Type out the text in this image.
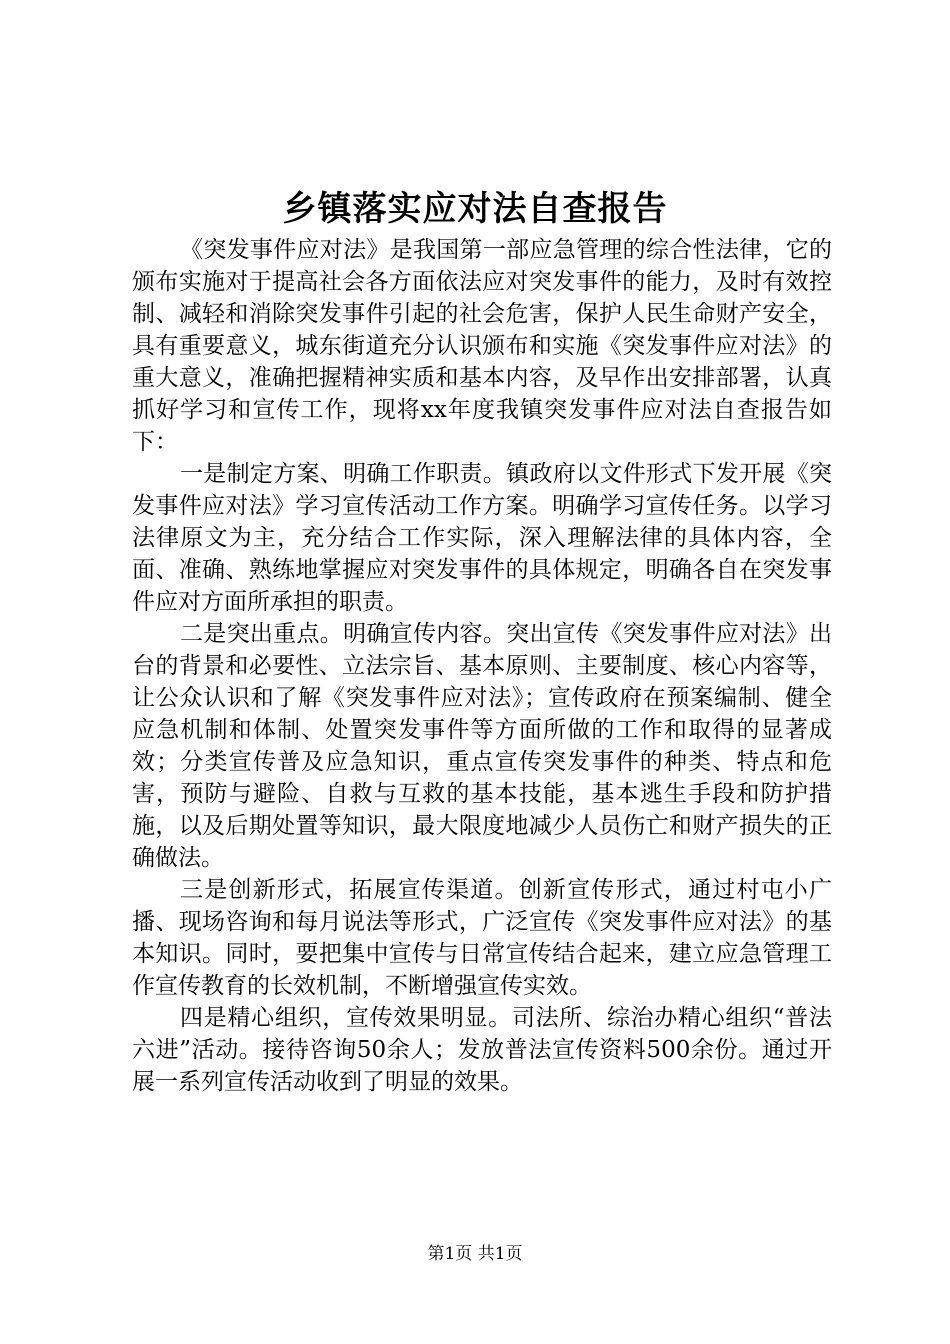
乡镇落实应对法自查报告

《突发事件应对法》是我国第一部应急管理的综合性法律，它的颁布实施对于提高社会各方面依法应对突发事件的能力，及时有效控制、减轻和消除突发事件引起的社会危害，保护人民生命财产安全，具有重要意义，城东街道充分认识颁布和实施《突发事件应对法》的重大意义，准确把握精神实质和基本内容，及早作出安排部署，认真抓好学习和宣传工作，现将xx年度我镇突发事件应对法自查报告如下：

一是制定方案、明确工作职责。镇政府以文件形式下发开展《突发事件应对法》学习宣传活动工作方案。明确学习宣传任务。以学习法律原文为主，充分结合工作实际，深入理解法律的具体内容，全面、准确、熟练地掌握应对突发事件的具体规定，明确各自在突发事件应对方面所承担的职责。

二是突出重点。明确宣传内容。突出宣传《突发事件应对法》出台的背景和必要性、立法宗旨、基本原则、主要制度、核心内容等，让公众认识和了解《突发事件应对法》；宣传政府在预案编制、健全应急机制和体制、处置突发事件等方面所做的工作和取得的显著成效；分类宣传普及应急知识，重点宣传突发事件的种类、特点和危害，预防与避险、自救与互救的基本技能，基本逃生手段和防护措施，以及后期处置等知识，最大限度地减少人员伤亡和财产损失的正确做法。

三是创新形式，拓展宣传渠道。创新宣传形式，通过村屯小广播、现场咨询和每月说法等形式，广泛宣传《突发事件应对法》的基本知识。同时，要把集中宣传与日常宣传结合起来，建立应急管理工作宣传教育的长效机制，不断增强宣传实效。

四是精心组织，宣传效果明显。司法所、综治办精心组织“普法六进”活动。接待咨询50余人；发放普法宣传资料500余份。通过开展一系列宣传活动收到了明显的效果。

第1页 共1页
